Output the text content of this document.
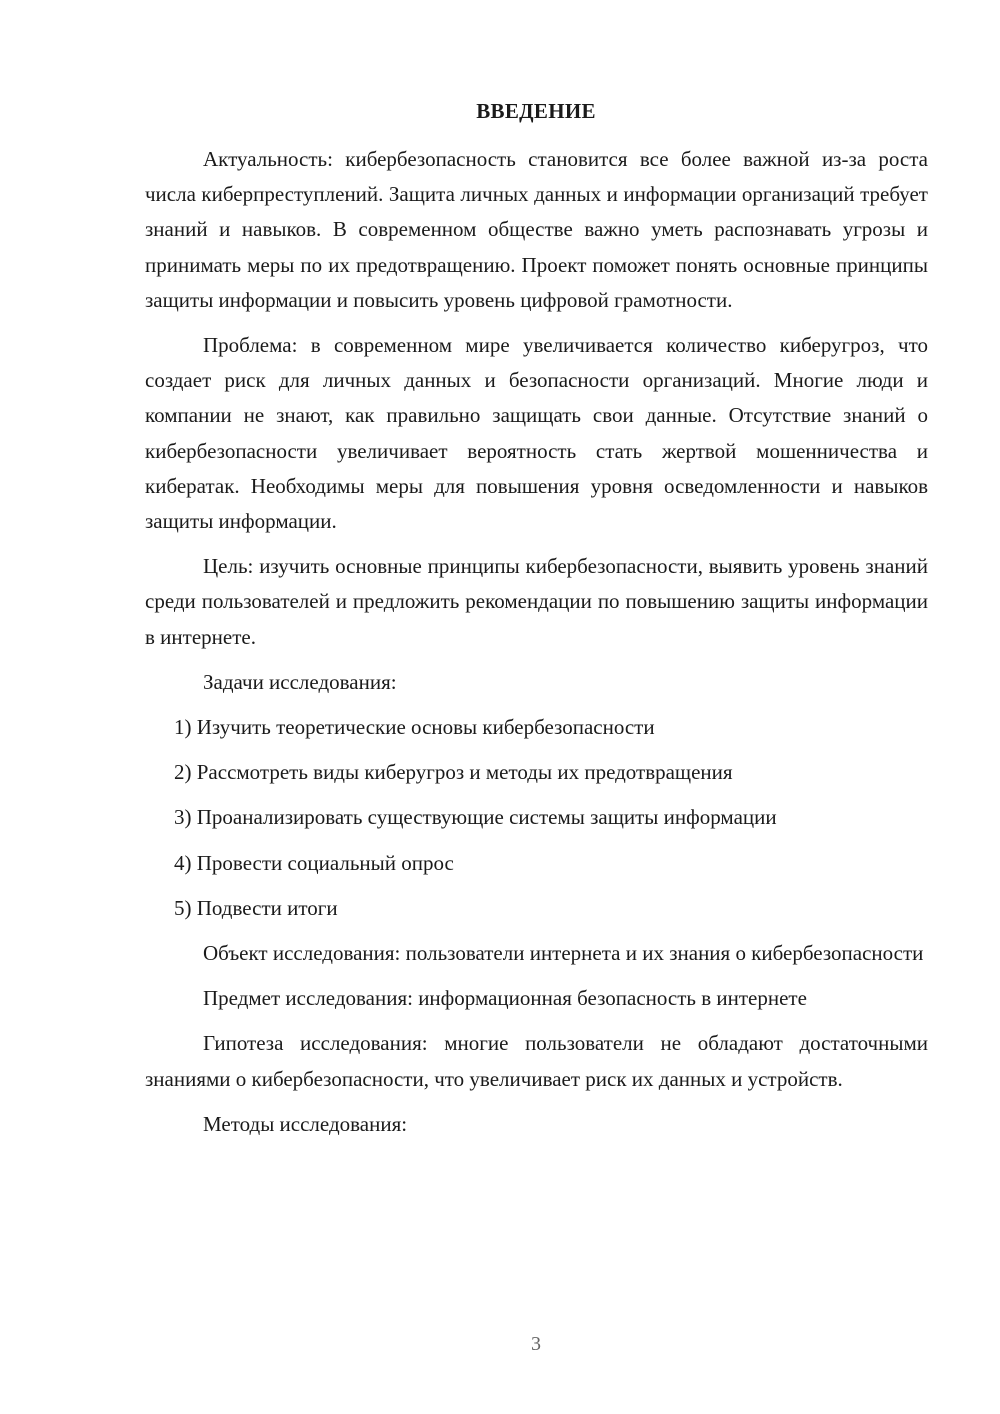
ВВЕДЕНИЕ

Актуальность: кибербезопасность становится все более важной из-за роста числа киберпреступлений. Защита личных данных и информации организаций требует знаний и навыков. В современном обществе важно уметь распознавать угрозы и принимать меры по их предотвращению. Проект поможет понять основные принципы защиты информации и повысить уровень цифровой грамотности.

Проблема: в современном мире увеличивается количество киберугроз, что создает риск для личных данных и безопасности организаций. Многие люди и компании не знают, как правильно защищать свои данные. Отсутствие знаний о кибербезопасности увеличивает вероятность стать жертвой мошенничества и кибератак. Необходимы меры для повышения уровня осведомленности и навыков защиты информации.

Цель: изучить основные принципы кибербезопасности, выявить уровень знаний среди пользователей и предложить рекомендации по повышению защиты информации в интернете.

Задачи исследования:

1) Изучить теоретические основы кибербезопасности

2) Рассмотреть виды киберугроз и методы их предотвращения

3) Проанализировать существующие системы защиты информации

4) Провести социальный опрос

5) Подвести итоги

Объект исследования: пользователи интернета и их знания о кибербезопасности

Предмет исследования: информационная безопасность в интернете

Гипотеза исследования: многие пользователи не обладают достаточными знаниями о кибербезопасности, что увеличивает риск их данных и устройств.

Методы исследования:

3
